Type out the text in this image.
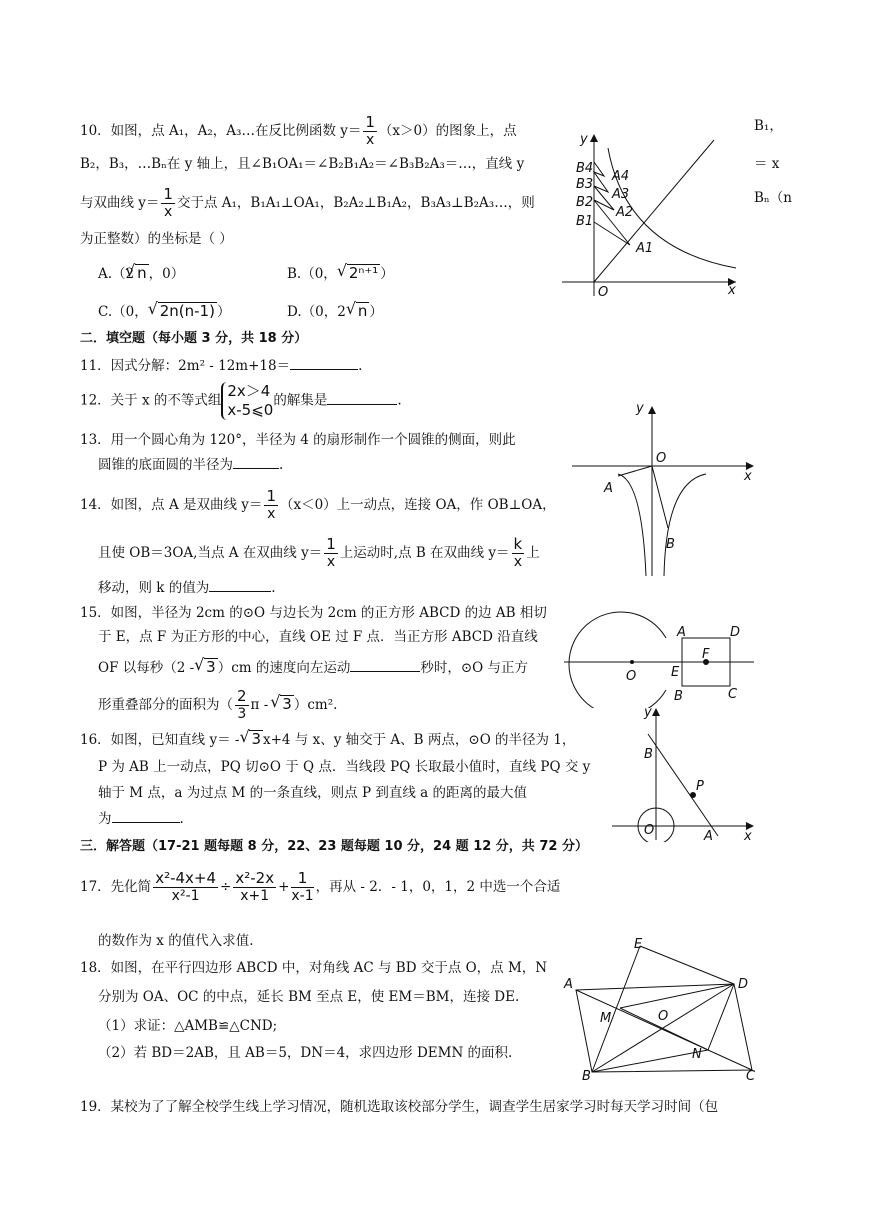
10．如图，点 A₁，A₂，A₃…在反比例函数 $y= \frac{1}{x} (x>0)$的图象上，点	B₁，
B₂，B₃，…Bₙ在 y 轴上，且∠B₁OA₁＝∠B₂B₁A₂＝∠B₃B₂A₃＝…，直线 y	＝ x
与双曲线 $y= \frac{1}{x}$ 交于点 A₁，B₁A₁⊥OA₁，B₂A₂⊥B₁A₂，B₃A₃⊥B₂A₃…，则	Bₙ（n
为正整数）的坐标是（ ）
A.（2 √ n ，0）	B.（0， √ 2ⁿ⁺¹ ）
C.（0， √ 2n(n-1) ）	D.（0，2 √ n ）
y
B4
B3
B2
B1
A4
A3
A2
A1
O	x
二．填空题（每小题 3 分，共 18 分）
11．因式分解：2m² - 12m+18＝	.
12．关于 x 的不等式组
2x＞4
x-5⩽0
的解集是	.
13．用一个圆心角为 120°，半径为 4 的扇形制作一个圆锥的侧面，则此
圆锥的底面圆的半径为	.
14．如图，点 A 是双曲线 $y= \frac{1}{x} (x<0)$上一动点，连接 OA，作 OB⊥OA，
且使 OB＝3OA,当点 A 在双曲线 $y= \frac{1}{x}$ 上运动时,点 B 在双曲线 $y= \frac{k}{x}$ 上
移动，则 k 的值为	.
y
O
x
A
B
15．如图，半径为 2cm 的⊙O 与边长为 2cm 的正方形 ABCD 的边 AB 相切
于 E，点 F 为正方形的中心，直线 OE 过 F 点．当正方形 ABCD 沿直线
OF 以每秒（2 - √ 3 ）cm 的速度向左运动	秒时，⊙O 与正方
形重叠部分的面积为（ $\frac{2}{3}$ π - √ 3 ）cm².
A	D
F
E
O
B	C
16．如图，已知直线 y＝ - √ 3 x+4 与 x、y 轴交于 A、B 两点，⊙O 的半径为 1，
P 为 AB 上一动点，PQ 切⊙O 于 Q 点．当线段 PQ 长取最小值时，直线 PQ 交 y
轴于 M 点，a 为过点 M 的一条直线，则点 P 到直线 a 的距离的最大值
为	.
y
B
P
O	A x
三．解答题（17-21 题每题 8 分，22、23 题每题 10 分，24 题 12 分，共 72 分）
17．先化简 $\frac{\text{x²-4x+4}}{\text{x²-1}} \div \frac{\text{x²-2x}}{x+1} + \frac{1}{x-1}$ ，再从 - 2．- 1，0，1，2 中选一个合适
的数作为 x 的值代入求值.
18．如图，在平行四边形 ABCD 中，对角线 AC 与 BD 交于点 O，点 M，N
分别为 OA、OC 的中点，延长 BM 至点 E，使 EM＝BM，连接 DE.
（1）求证：△AMB≌△CND;
（2）若 BD＝2AB，且 AB＝5，DN＝4，求四边形 DEMN 的面积.
E
A	D
M	O
N
B	C
19．某校为了了解全校学生线上学习情况，随机选取该校部分学生，调查学生居家学习时每天学习时间（包
